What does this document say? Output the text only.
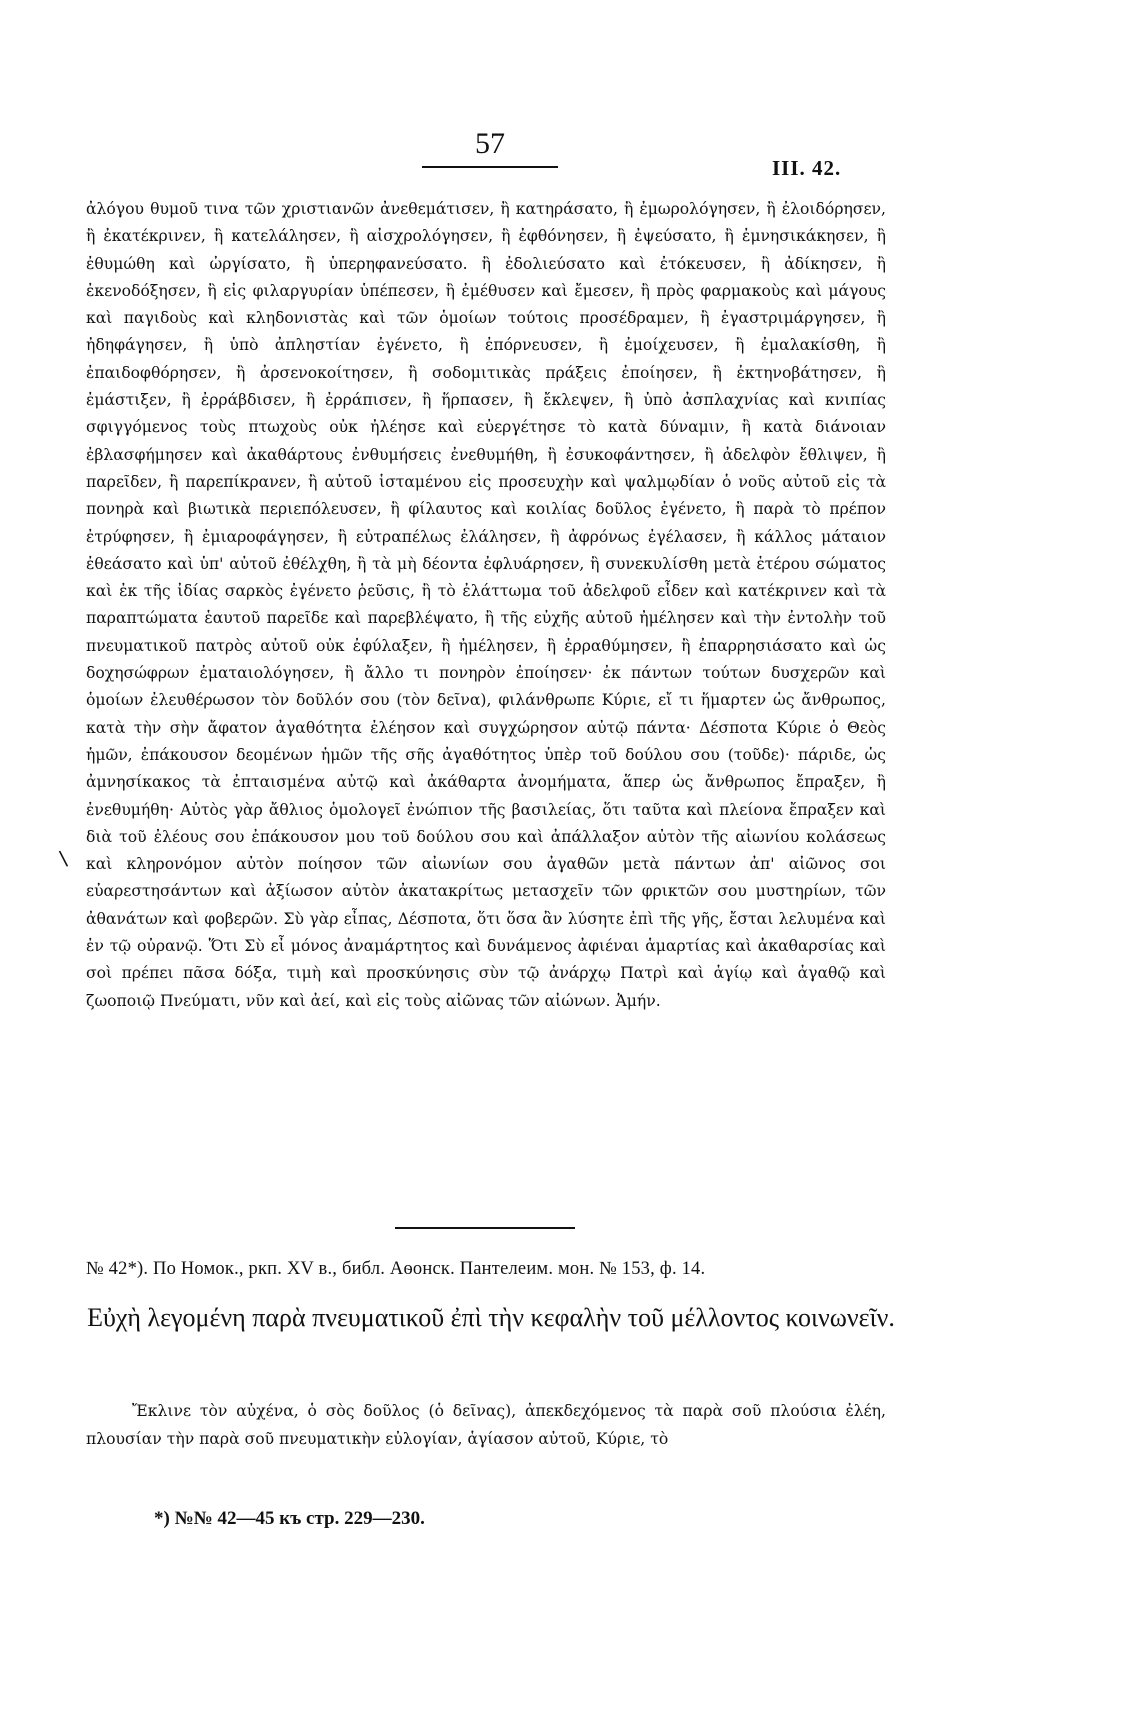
57
III. 42.

ἀλόγου θυμοῦ τινα τῶν χριστιανῶν ἀνεθεμάτισεν, ἢ κατηράσατο, ἢ ἐμωρολόγησεν, ἢ ἐλοιδόρησεν, ἢ ἐκατέκρινεν, ἢ κατελάλησεν, ἢ αἰσχρολόγησεν, ἢ ἐφθόνησεν, ἢ ἐψεύσατο, ἢ ἐμνησικάκησεν, ἢ ἐθυμώθη καὶ ὠργίσατο, ἢ ὑπερηφανεύσατο. ἢ ἐδολιεύσατο καὶ ἐτόκευσεν, ἢ ἀδίκησεν, ἢ ἐκενοδόξησεν, ἢ εἰς φιλαργυρίαν ὑπέπεσεν, ἢ ἐμέθυσεν καὶ ἔμεσεν, ἢ πρὸς φαρμακοὺς καὶ μάγους καὶ παγιδοὺς καὶ κληδονιστὰς καὶ τῶν ὁμοίων τούτοις προσέδραμεν, ἢ ἐγαστριμάργησεν, ἢ ἠδηφάγησεν, ἢ ὑπὸ ἀπληστίαν ἐγένετο, ἢ ἐπόρνευσεν, ἢ ἐμοίχευσεν, ἢ ἐμαλακίσθη, ἢ ἐπαιδοφθόρησεν, ἢ ἀρσενοκοίτησεν, ἢ σοδομιτικὰς πράξεις ἐποίησεν, ἢ ἐκτηνοβάτησεν, ἢ ἐμάστιξεν, ἢ ἐρράβδισεν, ἢ ἐρράπισεν, ἢ ἥρπασεν, ἢ ἔκλεψεν, ἢ ὑπὸ ἀσπλαχνίας καὶ κνιπίας σφιγγόμενος τοὺς πτωχοὺς οὐκ ἠλέησε καὶ εὐεργέτησε τὸ κατὰ δύναμιν, ἢ κατὰ διάνοιαν ἐβλασφήμησεν καὶ ἀκαθάρτους ἐνθυμήσεις ἐνεθυμήθη, ἢ ἐσυκοφάντησεν, ἢ ἀδελφὸν ἔθλιψεν, ἢ παρεῖδεν, ἢ παρεπίκρανεν, ἢ αὐτοῦ ἱσταμένου εἰς προσευχὴν καὶ ψαλμῳδίαν ὁ νοῦς αὐτοῦ εἰς τὰ πονηρὰ καὶ βιωτικὰ περιεπόλευσεν, ἢ φίλαυτος καὶ κοιλίας δοῦλος ἐγένετο, ἢ παρὰ τὸ πρέπον ἐτρύφησεν, ἢ ἐμιαροφάγησεν, ἢ εὐτραπέλως ἐλάλησεν, ἢ ἀφρόνως ἐγέλασεν, ἢ κάλλος μάταιον ἐθεάσατο καὶ ὑπ' αὐτοῦ ἐθέλχθη, ἢ τὰ μὴ δέοντα ἐφλυάρησεν, ἢ συνεκυλίσθη μετὰ ἑτέρου σώματος καὶ ἐκ τῆς ἰδίας σαρκὸς ἐγένετο ῥεῦσις, ἢ τὸ ἐλάττωμα τοῦ ἀδελφοῦ εἶδεν καὶ κατέκρινεν καὶ τὰ παραπτώματα ἑαυτοῦ παρεῖδε καὶ παρεβλέψατο, ἢ τῆς εὐχῆς αὐτοῦ ἠμέλησεν καὶ τὴν ἐντολὴν τοῦ πνευματικοῦ πατρὸς αὐτοῦ οὐκ ἐφύλαξεν, ἢ ἠμέλησεν, ἢ ἐρραθύμησεν, ἢ ἐπαρρησιάσατο καὶ ὡς δοχησώφρων ἐματαιολόγησεν, ἢ ἄλλο τι πονηρὸν ἐποίησεν· ἐκ πάντων τούτων δυσχερῶν καὶ ὁμοίων ἐλευθέρωσον τὸν δοῦλόν σου (τὸν δεῖνα), φιλάνθρωπε Κύριε, εἴ τι ἥμαρτεν ὡς ἄνθρωπος, κατὰ τὴν σὴν ἄφατον ἀγαθότητα ἐλέησον καὶ συγχώρησον αὐτῷ πάντα· Δέσποτα Κύριε ὁ Θεὸς ἡμῶν, ἐπάκουσον δεομένων ἡμῶν τῆς σῆς ἀγαθότητος ὑπὲρ τοῦ δούλου σου (τοῦδε)· πάριδε, ὡς ἀμνησίκακος τὰ ἐπταισμένα αὐτῷ καὶ ἀκάθαρτα ἀνομήματα, ἅπερ ὡς ἄνθρωπος ἔπραξεν, ἢ ἐνεθυμήθη· Αὐτὸς γὰρ ἄθλιος ὁμολογεῖ ἐνώπιον τῆς βασιλείας, ὅτι ταῦτα καὶ πλείονα ἔπραξεν καὶ διὰ τοῦ ἐλέους σου ἐπάκουσον μου τοῦ δούλου σου καὶ ἀπάλλαξον αὐτὸν τῆς αἰωνίου κολάσεως καὶ κληρονόμον αὐτὸν ποίησον τῶν αἰωνίων σου ἀγαθῶν μετὰ πάντων ἀπ' αἰῶνος σοι εὐαρεστησάντων καὶ ἀξίωσον αὐτὸν ἀκατακρίτως μετασχεῖν τῶν φρικτῶν σου μυστηρίων, τῶν ἀθανάτων καὶ φοβερῶν. Σὺ γὰρ εἶπας, Δέσποτα, ὅτι ὅσα ἂν λύσητε ἐπὶ τῆς γῆς, ἔσται λελυμένα καὶ ἐν τῷ οὐρανῷ. Ὅτι Σὺ εἶ μόνος ἀναμάρτητος καὶ δυνάμενος ἀφιέναι ἁμαρτίας καὶ ἀκαθαρσίας καὶ σοὶ πρέπει πᾶσα δόξα, τιμὴ καὶ προσκύνησις σὺν τῷ ἀνάρχῳ Πατρὶ καὶ ἁγίῳ καὶ ἀγαθῷ καὶ ζωοποιῷ Πνεύματι, νῦν καὶ ἀεί, καὶ εἰς τοὺς αἰῶνας τῶν αἰώνων. Ἀμήν.

\
№ 42*). По Номок., ркп. XV в., библ. Аѳонск. Пантелеим. мон. № 153, ф. 14.
Εὐχὴ λεγομένη παρὰ πνευματικοῦ ἐπὶ τὴν κεφαλὴν τοῦ μέλλοντος κοινωνεῖν.

Ἔκλινε τὸν αὐχένα, ὁ σὸς δοῦλος (ὁ δεῖνας), ἀπεκδεχόμενος τὰ παρὰ σοῦ πλούσια ἐλέη, πλουσίαν τὴν παρὰ σοῦ πνευματικὴν εὐλογίαν, ἁγίασον αὐτοῦ, Κύριε, τὸ

*) №№ 42—45 къ стр. 229—230.
